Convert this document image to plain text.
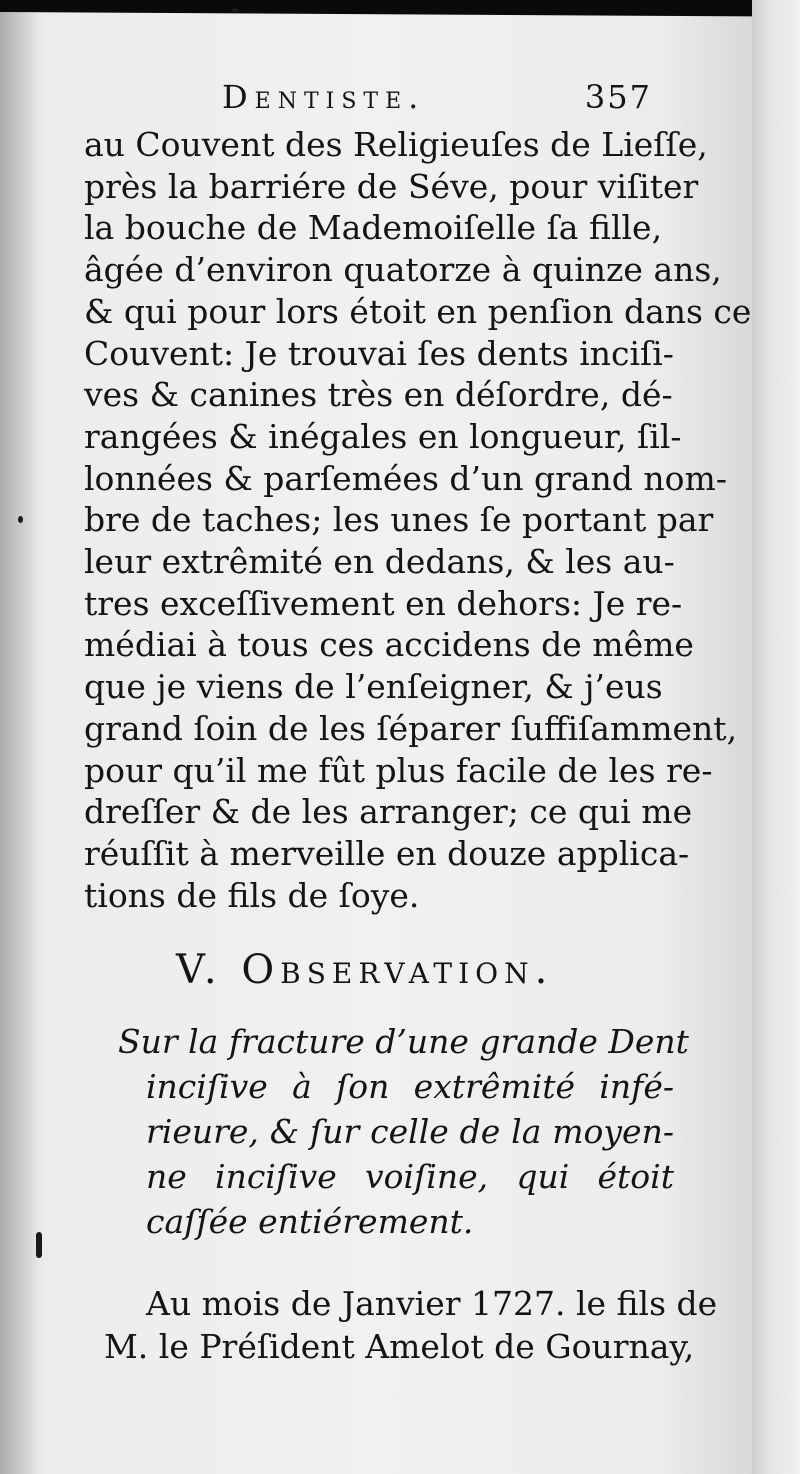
Dentiste.	357
au Couvent des Religieuſes de Lieſſe,
près la barriére de Séve, pour viſiter
la bouche de Mademoiſelle ſa fille,
âgée d’environ quatorze à quinze ans,
& qui pour lors étoit en penſion dans ce
Couvent: Je trouvai ſes dents inciſi-
ves & canines très en déſordre, dé-
rangées & inégales en longueur, ſil-
lonnées & parſemées d’un grand nom-
bre de taches; les unes ſe portant par
leur extrêmité en dedans, & les au-
tres exceſſivement en dehors: Je re-
médiai à tous ces accidens de même
que je viens de l’enſeigner, & j’eus
grand ſoin de les ſéparer ſuffiſamment,
pour qu’il me fût plus facile de les re-
dreſſer & de les arranger; ce qui me
réuſſit à merveille en douze applica-
tions de fils de ſoye.
V. Observation.
Sur la fracture d’une grande Dent
inciſive à ſon extrêmité infé-
rieure, & ſur celle de la moyen-
ne inciſive voiſine, qui étoit
caſſée entiérement.
Au mois de Janvier 1727. le fils de
M. le Préſident Amelot de Gournay,
